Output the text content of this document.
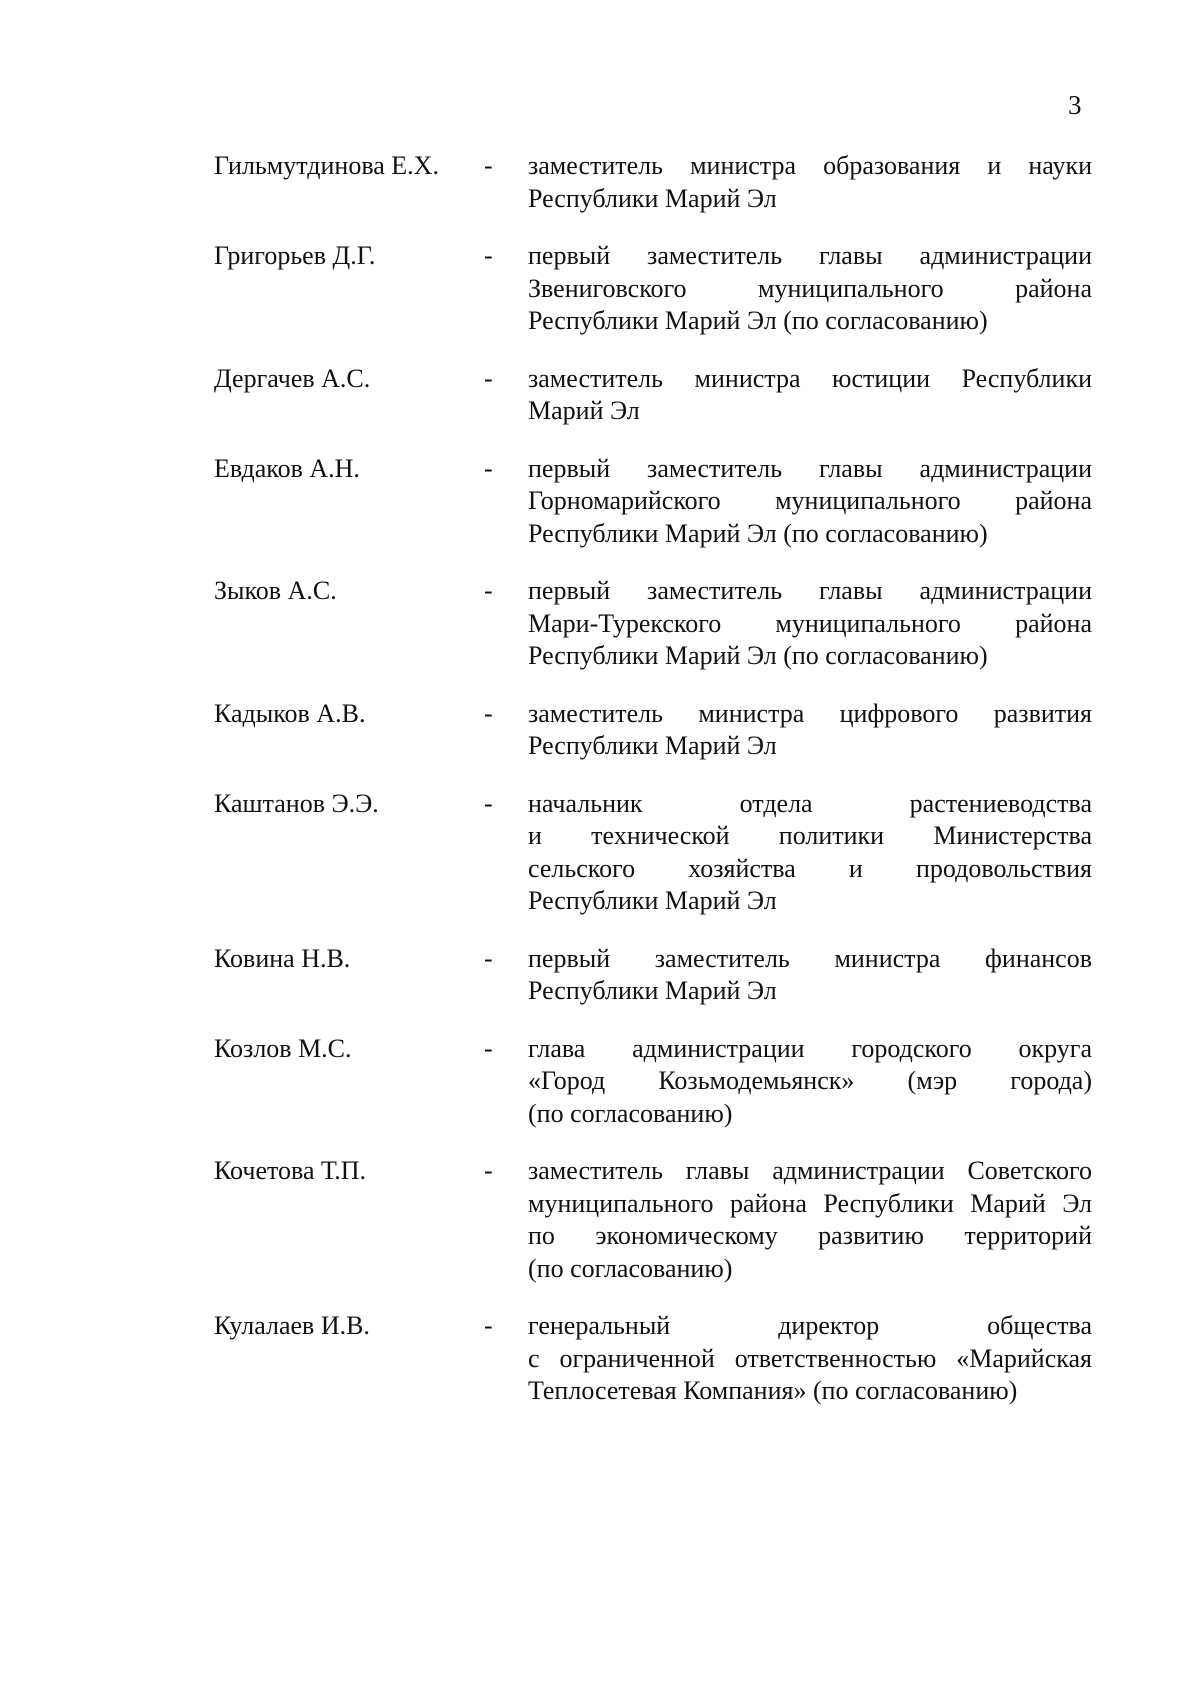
3
Гильмутдинова Е.Х. - заместитель министра образования и науки
Республики Марий Эл
Григорьев Д.Г.	- первый заместитель главы администрации
Звениговского муниципального района
Республики Марий Эл (по согласованию)
Дергачев А.С.	- заместитель министра юстиции Республики
Марий Эл
Евдаков А.Н.	- первый заместитель главы администрации
Горномарийского муниципального района
Республики Марий Эл (по согласованию)
Зыков А.С.	- первый заместитель главы администрации
Мари-Турекского муниципального района
Республики Марий Эл (по согласованию)
Кадыков А.В.	- заместитель министра цифрового развития
Республики Марий Эл
Каштанов Э.Э.	- начальник отдела растениеводства
и технической политики Министерства
сельского хозяйства и продовольствия
Республики Марий Эл
Ковина Н.В.	- первый заместитель министра финансов
Республики Марий Эл
Козлов М.С.	- глава администрации городского округа
«Город Козьмодемьянск» (мэр города)
(по согласованию)
Кочетова Т.П.	- заместитель главы администрации Советского
муниципального района Республики Марий Эл
по экономическому развитию территорий
(по согласованию)
Кулалаев И.В.	- генеральный директор общества
с ограниченной ответственностью «Марийская
Теплосетевая Компания» (по согласованию)
